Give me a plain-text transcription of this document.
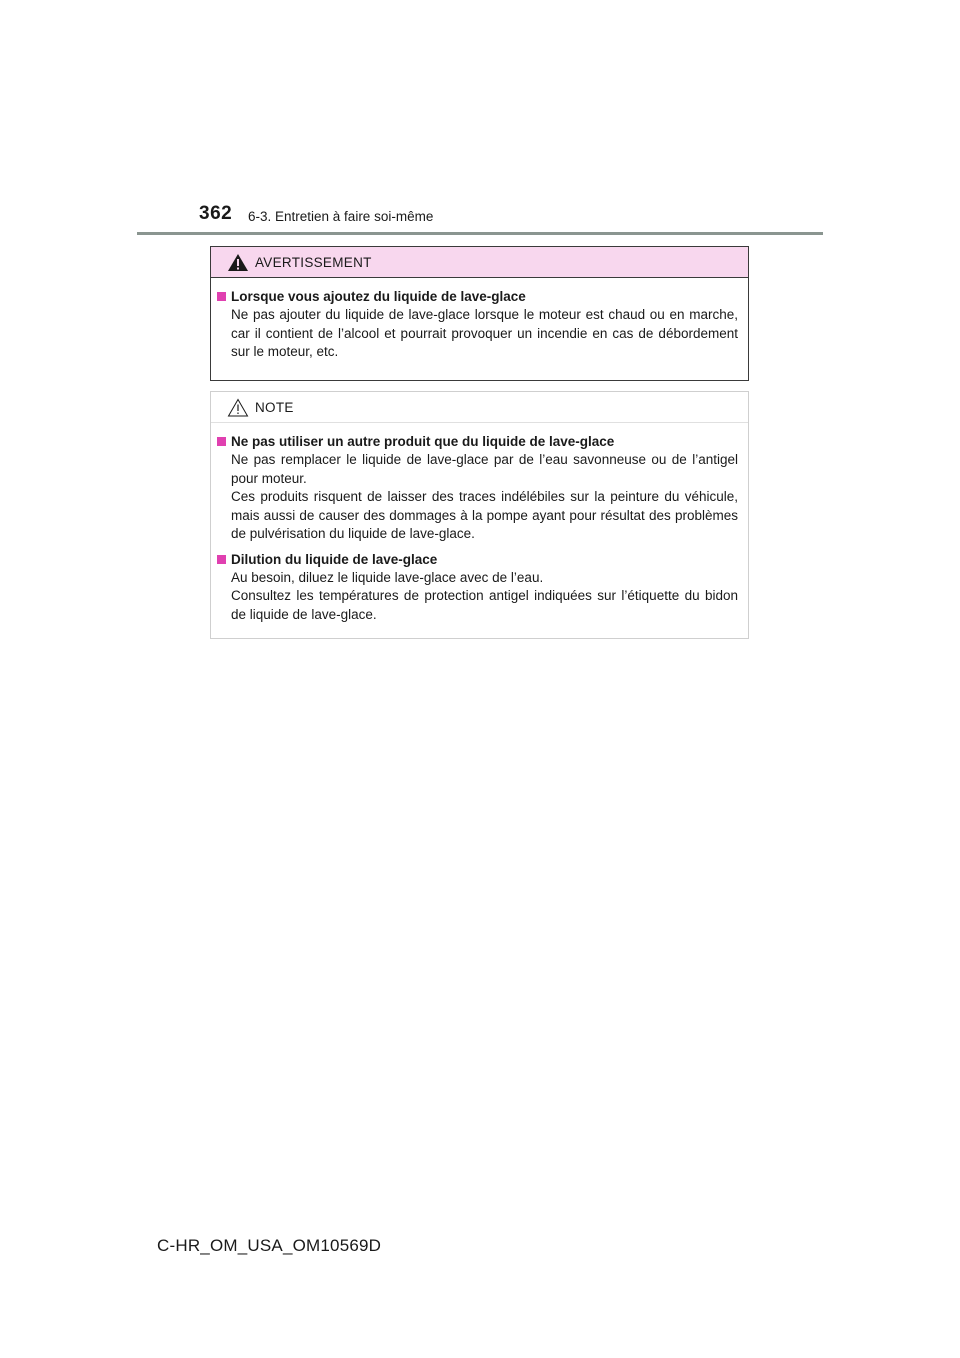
362 6-3. Entretien à faire soi-même
AVERTISSEMENT
Lorsque vous ajoutez du liquide de lave-glace
Ne pas ajouter du liquide de lave-glace lorsque le moteur est chaud ou en marche, car il contient de l’alcool et pourrait provoquer un incendie en cas de débordement sur le moteur, etc.
NOTE
Ne pas utiliser un autre produit que du liquide de lave-glace
Ne pas remplacer le liquide de lave-glace par de l’eau savonneuse ou de l’antigel pour moteur.
Ces produits risquent de laisser des traces indélébiles sur la peinture du véhicule, mais aussi de causer des dommages à la pompe ayant pour résultat des problèmes de pulvérisation du liquide de lave-glace.
Dilution du liquide de lave-glace
Au besoin, diluez le liquide lave-glace avec de l’eau.
Consultez les températures de protection antigel indiquées sur l’étiquette du bidon de liquide de lave-glace.
C-HR_OM_USA_OM10569D
